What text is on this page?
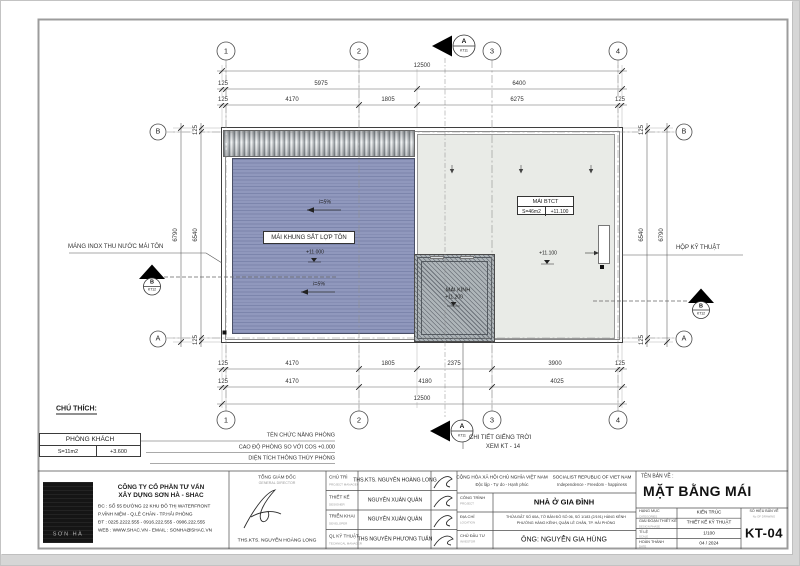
1	2	3	4
1	2	3	4
B
A
B
A
A
KT11
A
KT11
B
KT12
B
KT12
12500
125	5975	6400
125	4170	1805	6275	125
125	4170	1805	2375	3900	125
125	4170	4180	4025
12500
6790 6540
125
125
6540 6790
125
125
MÁI KHUNG SẮT LỢP TÔN
MÁI BTCT
S=46m2	+11.100
+11.000	+11.100
MÁI KÍNH
+11.200
i=5%
i=5%
MÁNG INOX THU NƯỚC MÁI TÔN	HỘP KỸ THUẬT
CHI TIẾT GIẾNG TRỜI
XEM KT - 14
CHÚ THÍCH:
PHÒNG KHÁCH
S=11m2	+3.600
TÊN CHỨC NĂNG PHÒNG
CAO ĐỘ PHÒNG SO VỚI COS +0.000
DIỆN TÍCH THÔNG THỦY PHÒNG
SƠN HÀ
CÔNG TY CỔ PHẦN TƯ VẤN
XÂY DỰNG SƠN HÀ - SHAC
ĐC : SỐ 55 ĐƯỜNG 22 KHU ĐÔ THỊ WATERFRONT
P.VĨNH NIỆM - Q.LÊ CHÂN - TP.HẢI PHÒNG
ĐT : 0225.2222.555 - 0916.222.555 - 0906.222.555
WEB : WWW.SHAC.VN - EMAIL : SONHA@SHAC.VN
TỔNG GIÁM ĐỐC
GENERAL DIRECTOR
THS.KTS. NGUYỄN HOÀNG LONG
CHỦ TRÌ
PROJECT MANAGER
THS.KTS. NGUYỄN HOÀNG LONG
THIẾT KẾ
DESIGNER
NGUYỄN XUÂN QUÂN
TRIỂN KHAI
DEVELOPER
NGUYỄN XUÂN QUÂN
QL KỸ THUẬT
TECHNICAL MANAGER
THS NGUYỄN PHƯƠNG TUẤN
CỘNG HÒA XÃ HỘI CHỦ NGHĨA VIỆT NAM
Độc lập - Tự do - Hạnh phúc
SOCIALIST REPUBLIC OF VIET NAM
Independence - Freedom - happiness
CÔNG TRÌNH
PROJECT	NHÀ Ở GIA ĐÌNH
ĐỊA CHỈ
LOCATION
THỬA ĐẤT SỐ 60A, TỜ BẢN ĐỒ SỐ 06, SỐ 1/183 (2/191) HÀNG KÊNH
PHƯỜNG HÀNG KÊNH, QUẬN LÊ CHÂN, TP. HẢI PHÒNG
CHỦ ĐẦU TƯ
INVESTOR	ÔNG: NGUYỄN GIA HÙNG
TÊN BẢN VẼ :
MẶT BẰNG MÁI
HẠNG MỤC
CATEGORIES
KIẾN TRÚC
GIAI ĐOẠN THIẾT KẾ
DESIGN PHASE
THIẾT KẾ KỸ THUẬT
TỈ LỆ
SCALE
1/100
HOÀN THÀNH
DATE
04 / 2024
SỐ HIỆU BẢN VẼ
No OF DRAWING
KT-04
